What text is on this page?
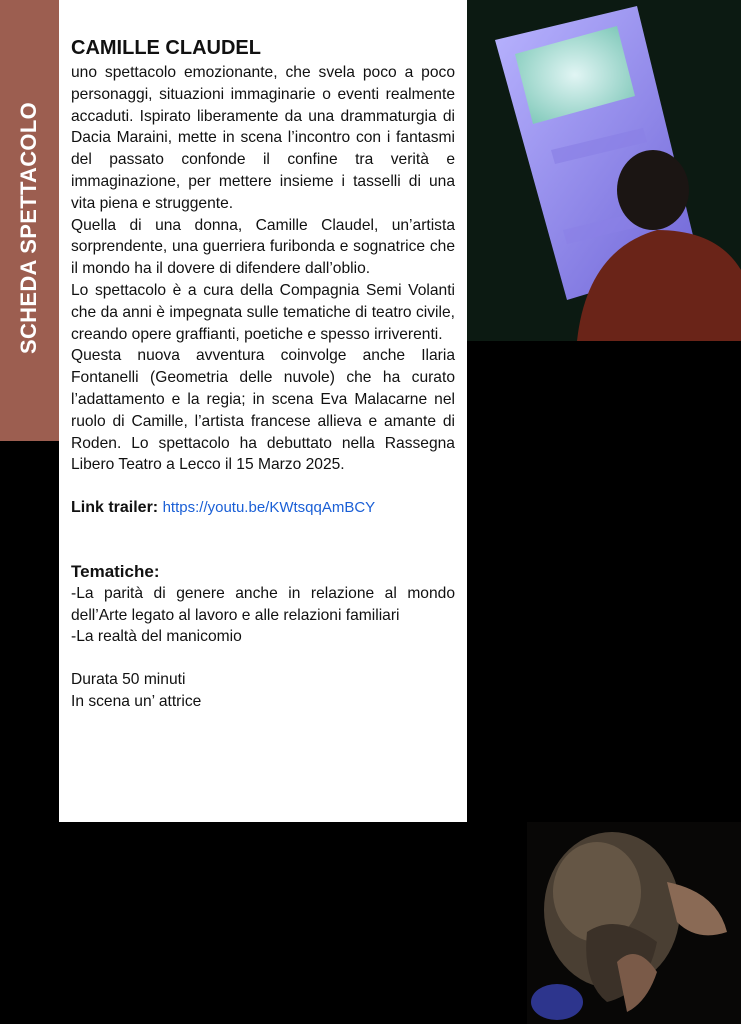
SCHEDA SPETTACOLO
CAMILLE CLAUDEL

uno spettacolo emozionante, che svela poco a poco personaggi, situazioni immaginarie o eventi realmente accaduti. Ispirato liberamente da una drammaturgia di Dacia Maraini, mette in scena l’incontro con i fantasmi del passato confonde il confine tra verità e immaginazione, per mettere insieme i tasselli di una vita piena e struggente.

Quella di una donna, Camille Claudel, un’artista sorprendente, una guerriera furibonda e sognatrice che il mondo ha il dovere di difendere dall’oblio.

Lo spettacolo è a cura della Compagnia Semi Volanti che da anni è impegnata sulle tematiche di teatro civile, creando opere graffianti, poetiche e spesso irriverenti.

Questa nuova avventura coinvolge anche Ilaria Fontanelli (Geometria delle nuvole) che ha curato l’adattamento e la regia; in scena Eva Malacarne nel ruolo di Camille, l’artista francese allieva e amante di Roden. Lo spettacolo ha debuttato nella Rassegna Libero Teatro a Lecco il 15 Marzo 2025.

Link trailer: https://youtu.be/KWtsqqAmBCY
Tematiche:

-La parità di genere anche in relazione al mondo dell’Arte legato al lavoro e alle relazioni familiari

-La realtà del manicomio

Durata 50 minuti

In scena un’ attrice
